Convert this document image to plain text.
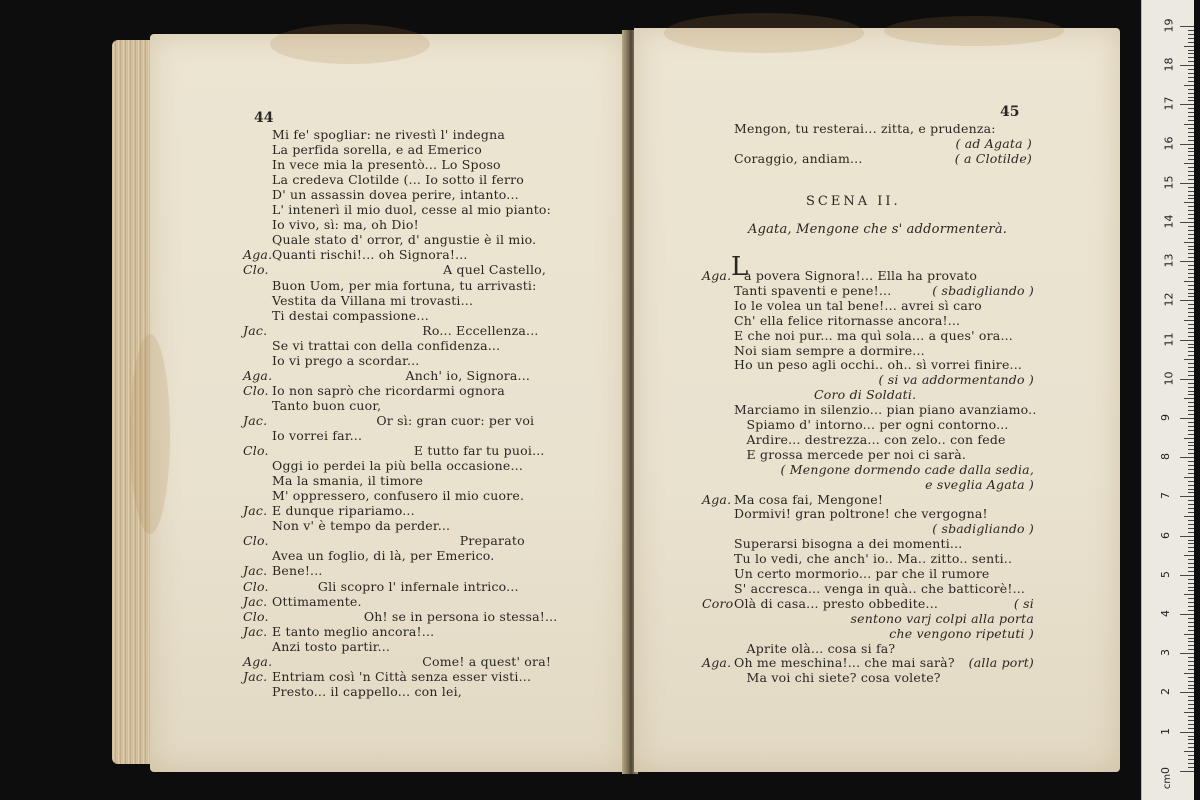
44
Mi fe' spogliar: ne rivestì l' indegna
La perfida sorella, e ad Emerico
In vece mia la presentò... Lo Sposo
La credeva Clotilde (... Io sotto il ferro
D' un assassin dovea perire, intanto...
L' intenerì il mio duol, cesse al mio pianto:
Io vivo, sì: ma, oh Dio!
Quale stato d' orror, d' angustie è il mio.
Aga. Quanti rischi!... oh Signora!...
Clo. A quel Castello,
Buon Uom, per mia fortuna, tu arrivasti:
Vestita da Villana mi trovasti...
Ti destai compassione...
Jac. Ro... Eccellenza...
Se vi trattai con della confidenza...
Io vi prego a scordar...
Aga. Anch' io, Signora...
Clo. Io non saprò che ricordarmi ognora
Tanto buon cuor,
Jac. Or sì: gran cuor: per voi
Io vorrei far...
Clo. E tutto far tu puoi...
Oggi io perdei la più bella occasione...
Ma la smania, il timore
M' oppressero, confusero il mio cuore.
Jac. E dunque ripariamo...
Non v' è tempo da perder...
Clo. Preparato
Avea un foglio, di là, per Emerico.
Jac. Bene!...
Clo. Gli scopro l' infernale intrico...
Jac. Ottimamente.
Clo. Oh! se in persona io stessa!...
Jac. E tanto meglio ancora!...
Anzi tosto partir...
Aga. Come! a quest' ora!
Jac. Entriam così 'n Città senza esser visti...
Presto... il cappello... con lei,
45
Mengon, tu resterai... zitta, e prudenza:
( ad Agata )
Coraggio, andiam...	( a Clotilde)
SCENA II.
Agata, Mengone che s' addormenterà.
L
Aga. a povera Signora!... Ella ha provato
Tanti spaventi e pene!...	( sbadigliando )
Io le volea un tal bene!... avrei sì caro
Ch' ella felice ritornasse ancora!...
E che noi pur... ma quì sola... a ques' ora...
Noi siam sempre a dormire...
Ho un peso agli occhi.. oh.. sì vorrei finire...
( si va addormentando )
Coro di Soldati.
Marciamo in silenzio... pian piano avanziamo..
Spiamo d' intorno... per ogni contorno...
Ardire... destrezza... con zelo.. con fede
E grossa mercede per noi ci sarà.
( Mengone dormendo cade dalla sedia,
e sveglia Agata )
Aga. Ma cosa fai, Mengone!
Dormivi! gran poltrone! che vergogna!
( sbadigliando )
Superarsi bisogna a dei momenti...
Tu lo vedi, che anch' io.. Ma.. zitto.. senti..
Un certo mormorio... par che il rumore
S' accresca... venga in quà.. che batticorè!...
Coro Olà di casa... presto obbedite...	( si
sentono varj colpi alla porta
che vengono ripetuti )
Aprite olà... cosa si fa?
Aga. Oh me meschina!... che mai sarà? (alla port)
Ma voi chi siete? cosa volete?
19
18
17
16
15
14
13
12
11
10
9
8
7
6
5
4
3
2
1
0
cm
